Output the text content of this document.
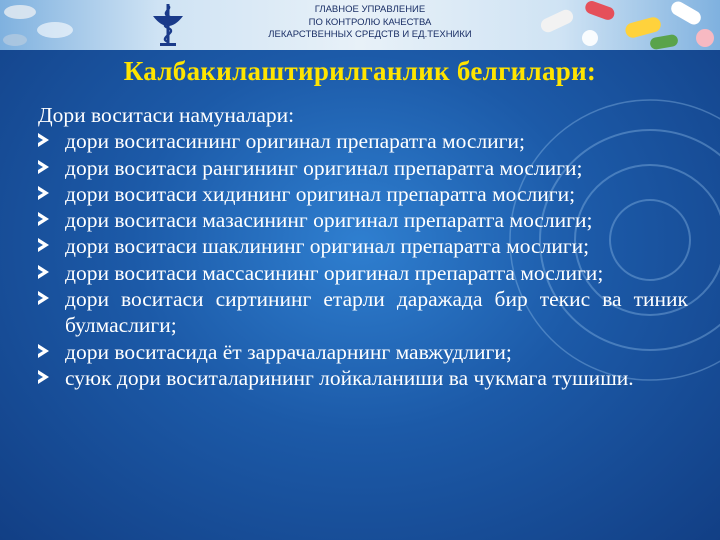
ГЛАВНОЕ УПРАВЛЕНИЕ
ПО КОНТРОЛЮ КАЧЕСТВА
ЛЕКАРСТВЕННЫХ СРЕДСТВ И ЕД.ТЕХНИКИ
Калбакилаштирилганлик белгилари:
Дори воситаси намуналари:
дори воситасининг оригинал препаратга мослиги;
дори воситаси рангининг оригинал препаратга мослиги;
дори воситаси хидининг оригинал препаратга мослиги;
дори воситаси мазасининг оригинал препаратга мослиги;
дори воситаси шаклининг оригинал препаратга мослиги;
дори воситаси массасининг оригинал препаратга мослиги;
дори воситаси сиртининг етарли даражада бир текис ва тиник булмаслиги;
дори воситасида ёт заррачаларнинг мавжудлиги;
суюк дори воситаларининг лойкаланиши ва чукмага тушиши.
